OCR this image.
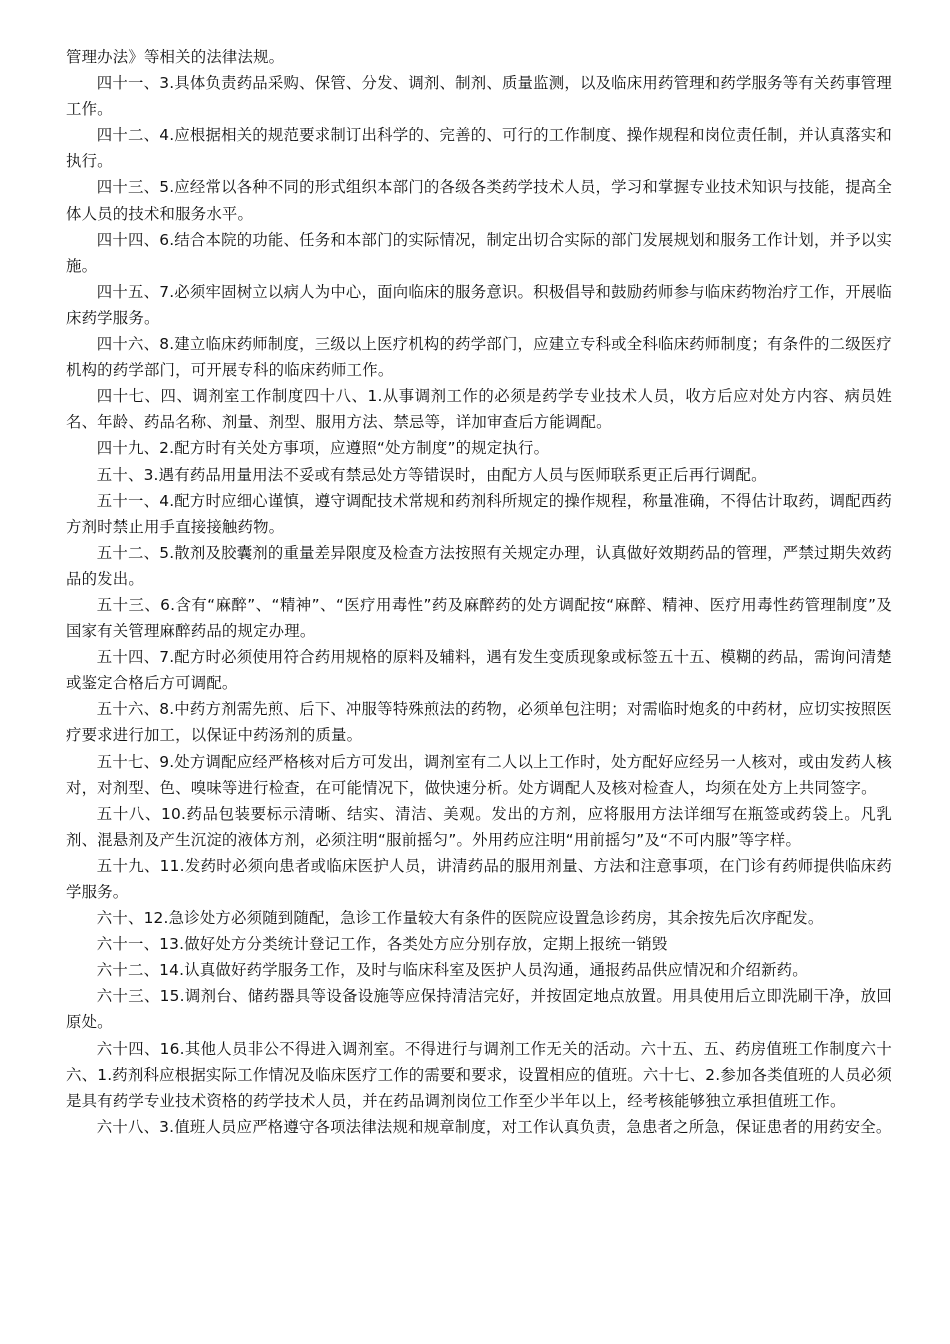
管理办法》等相关的法律法规。

四十一、3.具体负责药品采购、保管、分发、调剂、制剂、质量监测，以及临床用药管理和药学服务等有关药事管理工作。

四十二、4.应根据相关的规范要求制订出科学的、完善的、可行的工作制度、操作规程和岗位责任制，并认真落实和执行。

四十三、5.应经常以各种不同的形式组织本部门的各级各类药学技术人员，学习和掌握专业技术知识与技能，提高全体人员的技术和服务水平。

四十四、6.结合本院的功能、任务和本部门的实际情况，制定出切合实际的部门发展规划和服务工作计划，并予以实施。

四十五、7.必须牢固树立以病人为中心，面向临床的服务意识。积极倡导和鼓励药师参与临床药物治疗工作，开展临床药学服务。

四十六、8.建立临床药师制度，三级以上医疗机构的药学部门，应建立专科或全科临床药师制度；有条件的二级医疗机构的药学部门，可开展专科的临床药师工作。

四十七、四、调剂室工作制度四十八、1.从事调剂工作的必须是药学专业技术人员，收方后应对处方内容、病员姓名、年龄、药品名称、剂量、剂型、服用方法、禁忌等，详加审查后方能调配。

四十九、2.配方时有关处方事项，应遵照“处方制度”的规定执行。

五十、3.遇有药品用量用法不妥或有禁忌处方等错误时，由配方人员与医师联系更正后再行调配。

五十一、4.配方时应细心谨慎，遵守调配技术常规和药剂科所规定的操作规程，称量准确，不得估计取药，调配西药方剂时禁止用手直接接触药物。

五十二、5.散剂及胶囊剂的重量差异限度及检查方法按照有关规定办理，认真做好效期药品的管理，严禁过期失效药品的发出。

五十三、6.含有“麻醉”、“精神”、“医疗用毒性”药及麻醉药的处方调配按“麻醉、精神、医疗用毒性药管理制度”及国家有关管理麻醉药品的规定办理。

五十四、7.配方时必须使用符合药用规格的原料及辅料，遇有发生变质现象或标签五十五、模糊的药品，需询问清楚或鉴定合格后方可调配。

五十六、8.中药方剂需先煎、后下、冲服等特殊煎法的药物，必须单包注明；对需临时炮炙的中药材，应切实按照医疗要求进行加工，以保证中药汤剂的质量。

五十七、9.处方调配应经严格核对后方可发出，调剂室有二人以上工作时，处方配好应经另一人核对，或由发药人核对，对剂型、色、嗅味等进行检查，在可能情况下，做快速分析。处方调配人及核对检查人，均须在处方上共同签字。

五十八、10.药品包装要标示清晰、结实、清洁、美观。发出的方剂，应将服用方法详细写在瓶签或药袋上。凡乳剂、混悬剂及产生沉淀的液体方剂，必须注明“服前摇匀”。外用药应注明“用前摇匀”及“不可内服”等字样。

五十九、11.发药时必须向患者或临床医护人员，讲清药品的服用剂量、方法和注意事项，在门诊有药师提供临床药学服务。

六十、12.急诊处方必须随到随配，急诊工作量较大有条件的医院应设置急诊药房，其余按先后次序配发。

六十一、13.做好处方分类统计登记工作，各类处方应分别存放，定期上报统一销毁

六十二、14.认真做好药学服务工作，及时与临床科室及医护人员沟通，通报药品供应情况和介绍新药。

六十三、15.调剂台、储药器具等设备设施等应保持清洁完好，并按固定地点放置。用具使用后立即洗刷干净，放回原处。

六十四、16.其他人员非公不得进入调剂室。不得进行与调剂工作无关的活动。六十五、五、药房值班工作制度六十六、1.药剂科应根据实际工作情况及临床医疗工作的需要和要求，设置相应的值班。六十七、2.参加各类值班的人员必须是具有药学专业技术资格的药学技术人员，并在药品调剂岗位工作至少半年以上，经考核能够独立承担值班工作。

六十八、3.值班人员应严格遵守各项法律法规和规章制度，对工作认真负责，急患者之所急，保证患者的用药安全。
